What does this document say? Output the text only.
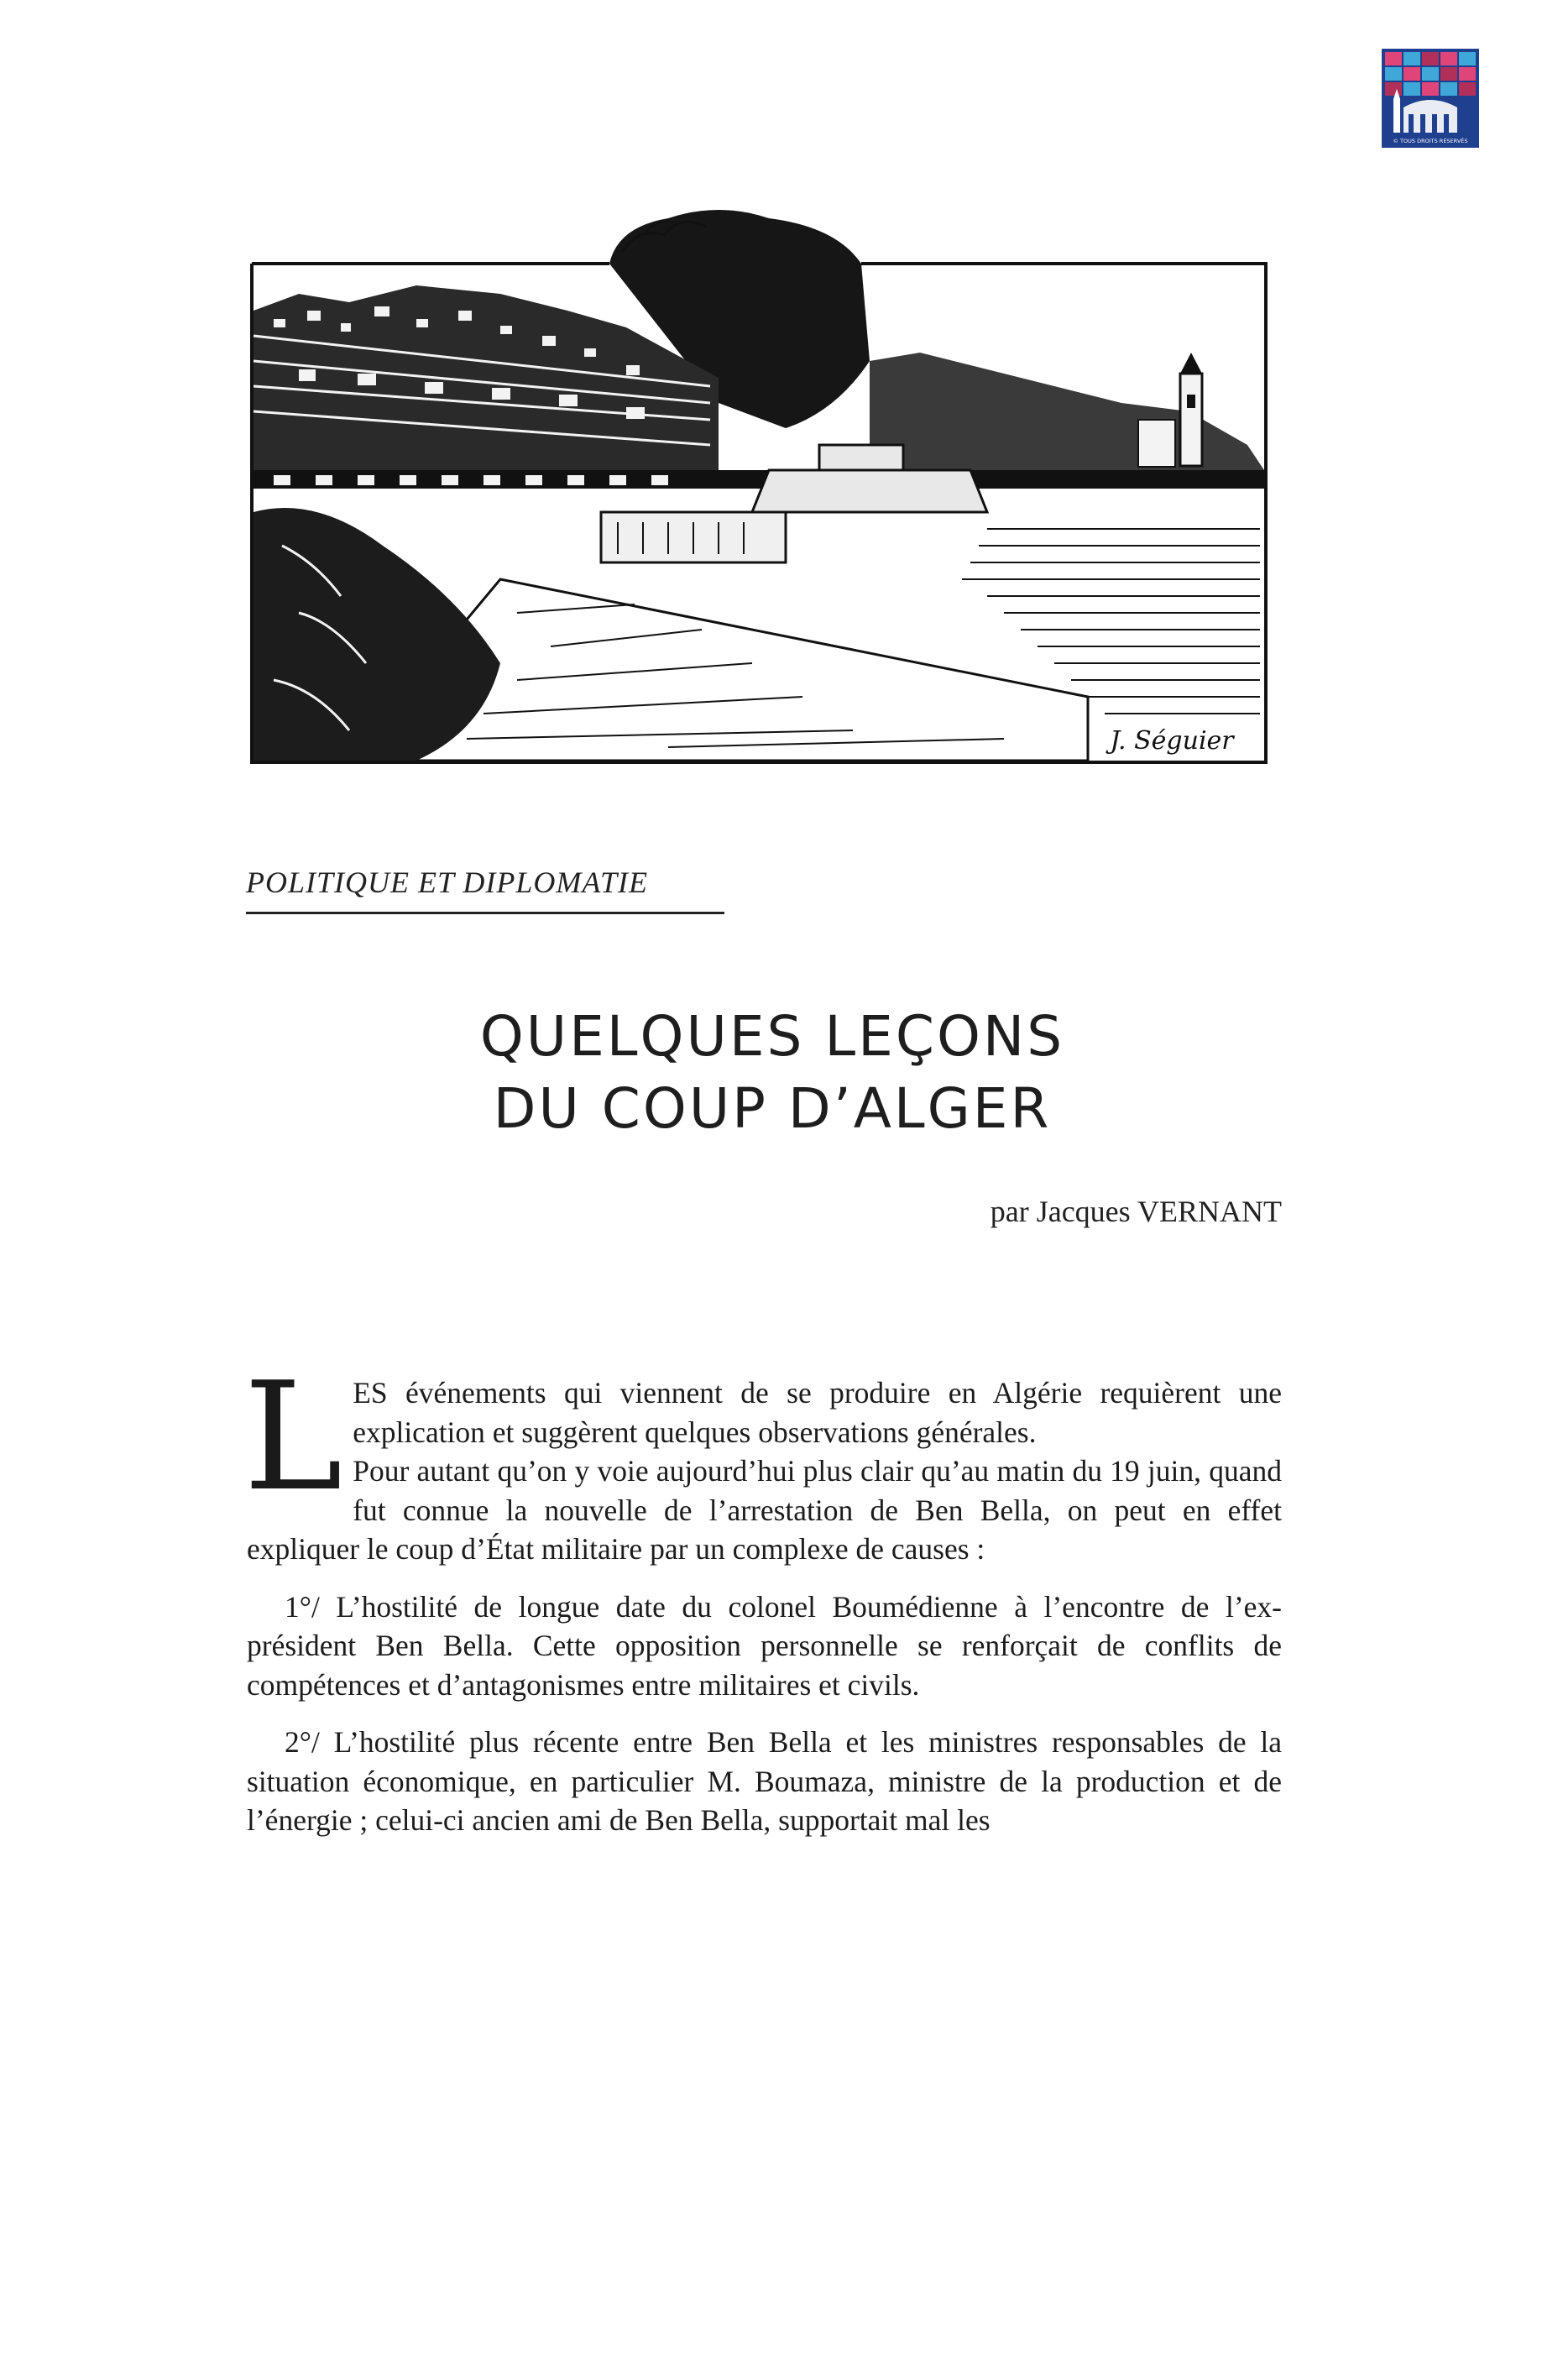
© TOUS DROITS RÉSERVÉS
J. Séguier
POLITIQUE ET DIPLOMATIE
QUELQUES LEÇONS
DU COUP D’ALGER
par Jacques VERNANT

LES événements qui viennent de se produire en Algérie requièrent une explication et suggèrent quelques observations générales.
Pour autant qu’on y voie aujourd’hui plus clair qu’au matin du 19 juin, quand fut connue la nouvelle de l’arrestation de Ben Bella, on peut en effet expliquer le coup d’État militaire par un complexe de causes :

1°/ L’hostilité de longue date du colonel Boumédienne à l’encontre de l’ex-président Ben Bella. Cette opposition personnelle se renforçait de conflits de compétences et d’antagonismes entre militaires et civils.

2°/ L’hostilité plus récente entre Ben Bella et les ministres responsables de la situation économique, en particulier M. Boumaza, ministre de la production et de l’énergie ; celui-ci ancien ami de Ben Bella, supportait mal les
